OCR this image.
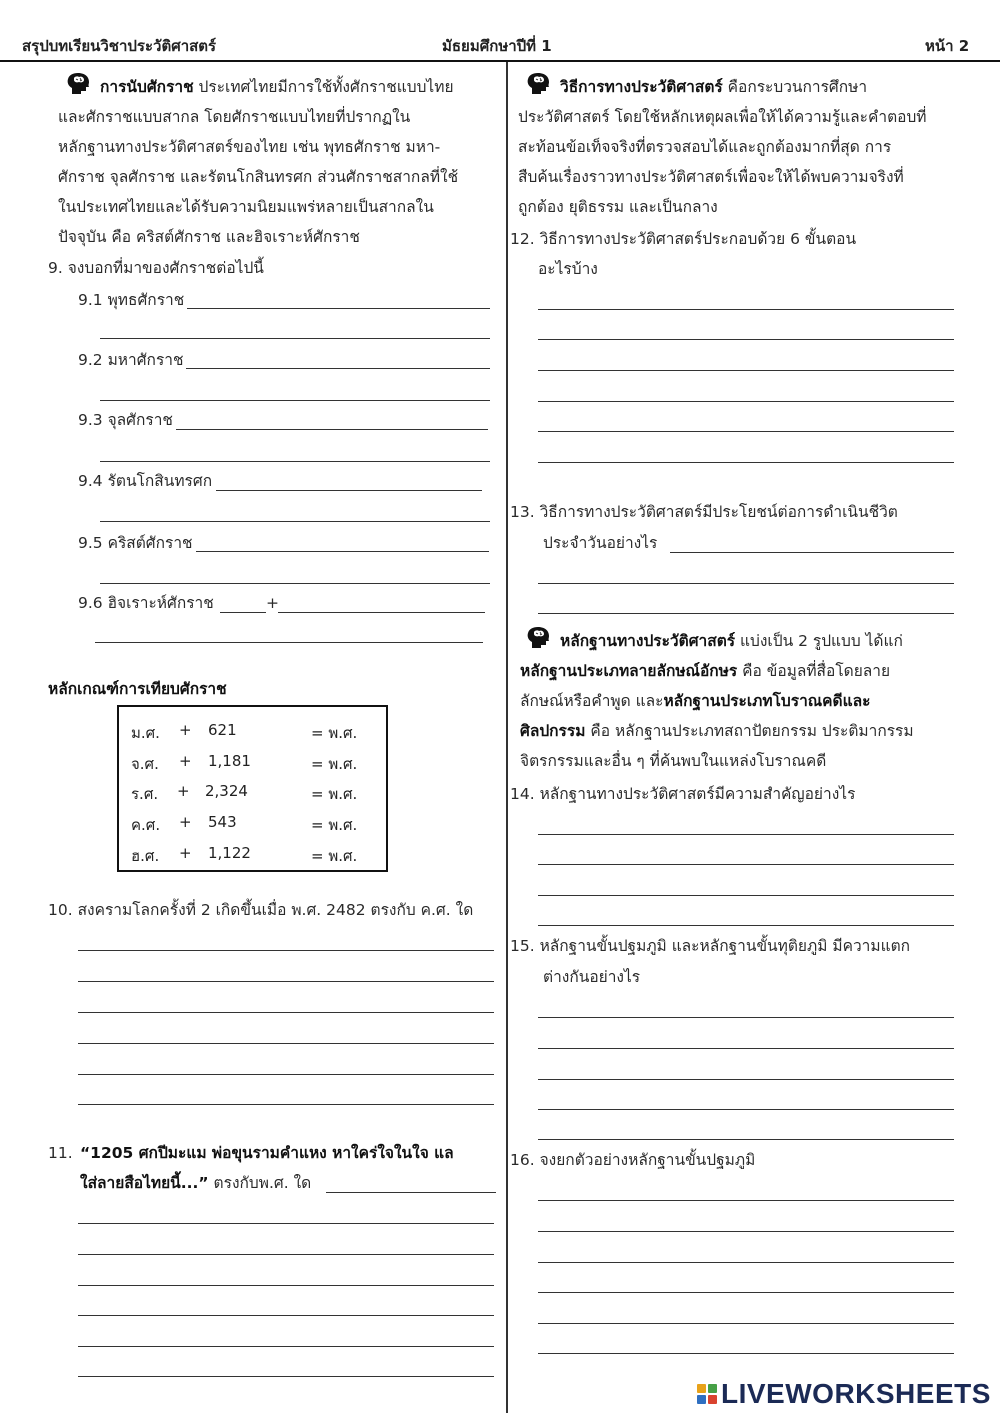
สรุปบทเรียนวิชาประวัติศาสตร์	มัธยมศึกษาปีที่ 1	หน้า 2
การนับศักราช ประเทศไทยมีการใช้ทั้งศักราชแบบไทย
และศักราชแบบสากล โดยศักราชแบบไทยที่ปรากฏใน
หลักฐานทางประวัติศาสตร์ของไทย เช่น พุทธศักราช มหา-
ศักราช จุลศักราช และรัตนโกสินทรศก ส่วนศักราชสากลที่ใช้
ในประเทศไทยและได้รับความนิยมแพร่หลายเป็นสากลใน
ปัจจุบัน คือ คริสต์ศักราช และฮิจเราะห์ศักราช
9. จงบอกที่มาของศักราชต่อไปนี้
9.1 พุทธศักราช
9.2 มหาศักราช
9.3 จุลศักราช
9.4 รัตนโกสินทรศก
9.5 คริสต์ศักราช
9.6 ฮิจเราะห์ศักราช	+
หลักเกณฑ์การเทียบศักราช
ม.ศ. + 621	= พ.ศ.
จ.ศ. + 1,181	= พ.ศ.
ร.ศ. + 2,324	= พ.ศ.
ค.ศ. + 543	= พ.ศ.
ฮ.ศ. + 1,122	= พ.ศ.
10. สงครามโลกครั้งที่ 2 เกิดขึ้นเมื่อ พ.ศ. 2482 ตรงกับ ค.ศ. ใด
11. “1205 ศกปีมะแม พ่อขุนรามคำแหง หาใคร่ใจในใจ แล
ใส่ลายสือไทยนี้...” ตรงกับพ.ศ. ใด
วิธีการทางประวัติศาสตร์ คือกระบวนการศึกษา
ประวัติศาสตร์ โดยใช้หลักเหตุผลเพื่อให้ได้ความรู้และคำตอบที่
สะท้อนข้อเท็จจริงที่ตรวจสอบได้และถูกต้องมากที่สุด การ
สืบค้นเรื่องราวทางประวัติศาสตร์เพื่อจะให้ได้พบความจริงที่
ถูกต้อง ยุติธรรม และเป็นกลาง
12. วิธีการทางประวัติศาสตร์ประกอบด้วย 6 ขั้นตอน
อะไรบ้าง
13. วิธีการทางประวัติศาสตร์มีประโยชน์ต่อการดำเนินชีวิต
ประจำวันอย่างไร
หลักฐานทางประวัติศาสตร์ แบ่งเป็น 2 รูปแบบ ได้แก่
หลักฐานประเภทลายลักษณ์อักษร คือ ข้อมูลที่สื่อโดยลาย
ลักษณ์หรือคำพูด และหลักฐานประเภทโบราณคดีและ
ศิลปกรรม คือ หลักฐานประเภทสถาปัตยกรรม ประติมากรรม
จิตรกรรมและอื่น ๆ ที่ค้นพบในแหล่งโบราณคดี
14. หลักฐานทางประวัติศาสตร์มีความสำคัญอย่างไร
15. หลักฐานขั้นปฐมภูมิ และหลักฐานขั้นทุติยภูมิ มีความแตก
ต่างกันอย่างไร
16. จงยกตัวอย่างหลักฐานขั้นปฐมภูมิ
LIVEWORKSHEETS
